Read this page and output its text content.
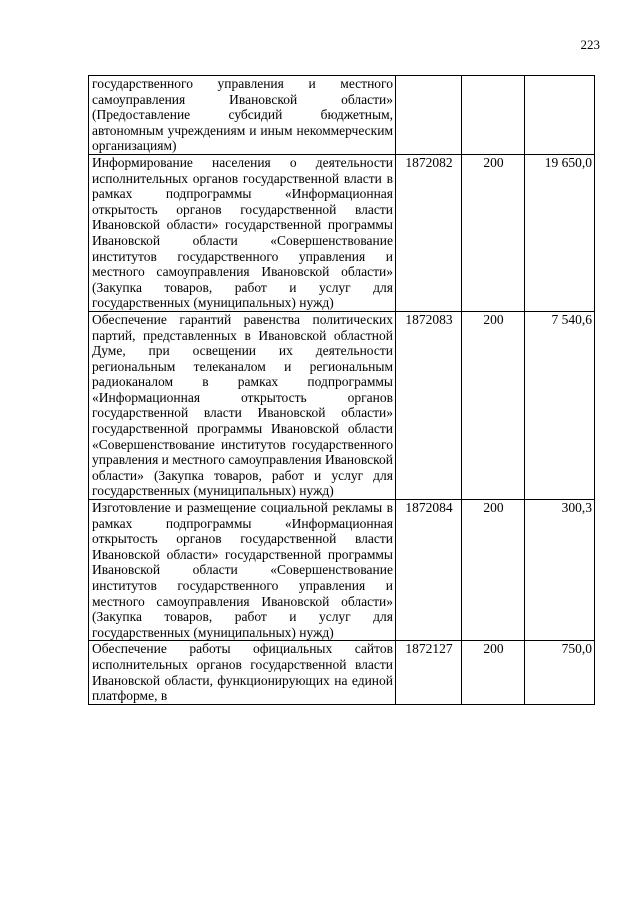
223
государственного управления и местного самоуправления Ивановской области» (Предоставление субсидий бюджетным, автономным учреждениям и иным некоммерческим организациям)			
Информирование населения о деятельности исполнительных органов государственной власти в рамках подпрограммы «Информационная открытость органов государственной власти Ивановской области» государственной программы Ивановской области «Совершенствование институтов государственного управления и местного самоуправления Ивановской области» (Закупка товаров, работ и услуг для государственных (муниципальных) нужд)	1872082	200	19 650,0
Обеспечение гарантий равенства политических партий, представленных в Ивановской областной Думе, при освещении их деятельности региональным телеканалом и региональным радиоканалом в рамках подпрограммы «Информационная открытость органов государственной власти Ивановской области» государственной программы Ивановской области «Совершенствование институтов государственного управления и местного самоуправления Ивановской области» (Закупка товаров, работ и услуг для государственных (муниципальных) нужд)	1872083	200	7 540,6
Изготовление и размещение социальной рекламы в рамках подпрограммы «Информационная открытость органов государственной власти Ивановской области» государственной программы Ивановской области «Совершенствование институтов государственного управления и местного самоуправления Ивановской области» (Закупка товаров, работ и услуг для государственных (муниципальных) нужд)	1872084	200	300,3
Обеспечение работы официальных сайтов исполнительных органов государственной власти Ивановской области, функционирующих на единой платформе, в	1872127	200	750,0
